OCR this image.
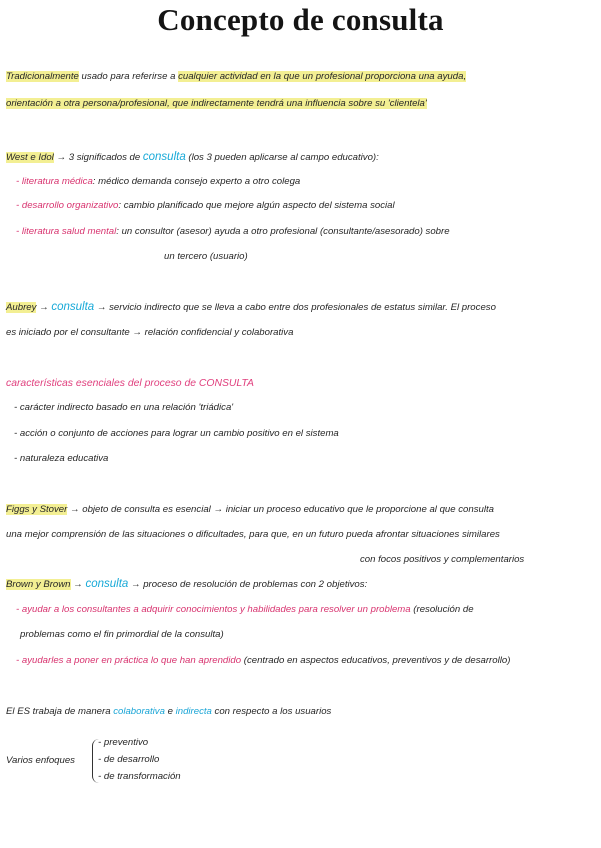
Concepto de consulta
Tradicionalmente usado para referirse a cualquier actividad en la que un profesional proporciona una ayuda,
orientación a otra persona/profesional, que indirectamente tendrá una influencia sobre su 'clientela'
West e Idol → 3 significados de consulta (los 3 pueden aplicarse al campo educativo):
- literatura médica: médico demanda consejo experto a otro colega
- desarrollo organizativo: cambio planificado que mejore algún aspecto del sistema social
- literatura salud mental: un consultor (asesor) ayuda a otro profesional (consultante/asesorado) sobre
un tercero (usuario)
Aubrey → consulta → servicio indirecto que se lleva a cabo entre dos profesionales de estatus similar. El proceso
es iniciado por el consultante → relación confidencial y colaborativa
características esenciales del proceso de CONSULTA
- carácter indirecto basado en una relación 'triádica'
- acción o conjunto de acciones para lograr un cambio positivo en el sistema
- naturaleza educativa
Figgs y Stover → objeto de consulta es esencial → iniciar un proceso educativo que le proporcione al que consulta
una mejor comprensión de las situaciones o dificultades, para que, en un futuro pueda afrontar situaciones similares
con focos positivos y complementarios
Brown y Brown → consulta → proceso de resolución de problemas con 2 objetivos:
- ayudar a los consultantes a adquirir conocimientos y habilidades para resolver un problema (resolución de
problemas como el fin primordial de la consulta)
- ayudarles a poner en práctica lo que han aprendido (centrado en aspectos educativos, preventivos y de desarrollo)
El ES trabaja de manera colaborativa e indirecta con respecto a los usuarios
Varios enfoques
- preventivo
- de desarrollo
- de transformación
